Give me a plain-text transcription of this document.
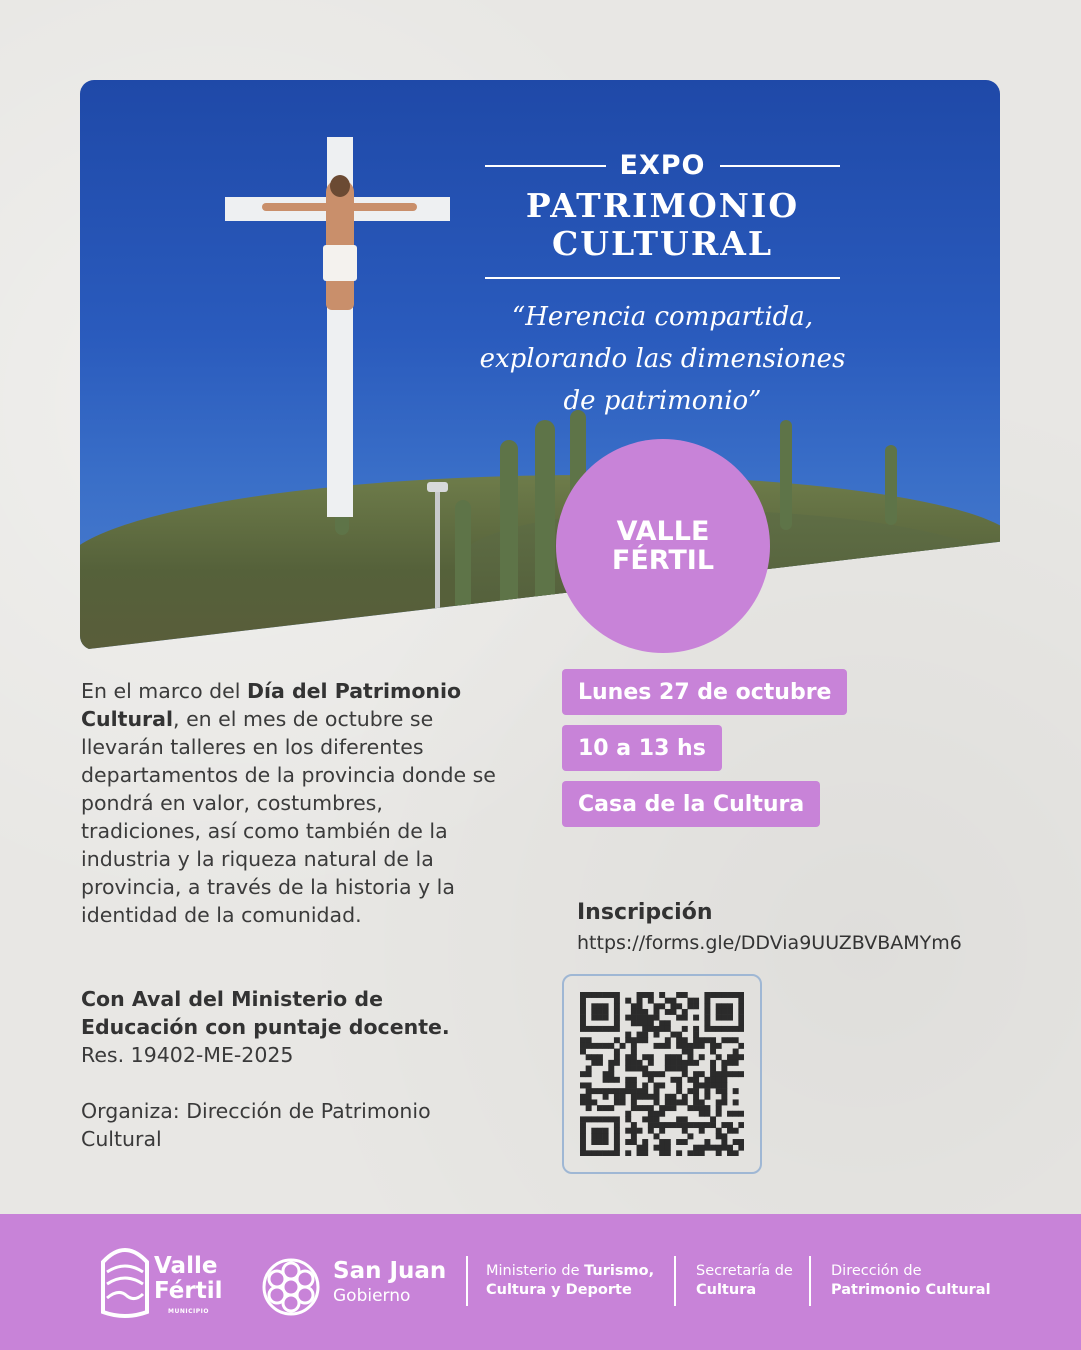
EXPO
PATRIMONIO
CULTURAL
“Herencia compartida,
explorando las dimensiones
de patrimonio”
VALLE
FÉRTIL
En el marco del Día del Patrimonio Cultural, en el mes de octubre se llevarán talleres en los diferentes departamentos de la provincia donde se pondrá en valor, costumbres, tradiciones, así como también de la industria y la riqueza natural de la provincia, a través de la historia y la identidad de la comunidad.
Con Aval del Ministerio de
Educación con puntaje docente.
Res. 19402-ME-2025
Organiza: Dirección de Patrimonio
Cultural
Lunes 27 de octubre
10 a 13 hs
Casa de la Cultura
Inscripción
https://forms.gle/DDVia9UUZBVBAMYm6
Valle
Fértil
MUNICIPIO
San Juan
Gobierno
Ministerio de Turismo,
Cultura y Deporte
Secretaría de
Cultura
Dirección de
Patrimonio Cultural
